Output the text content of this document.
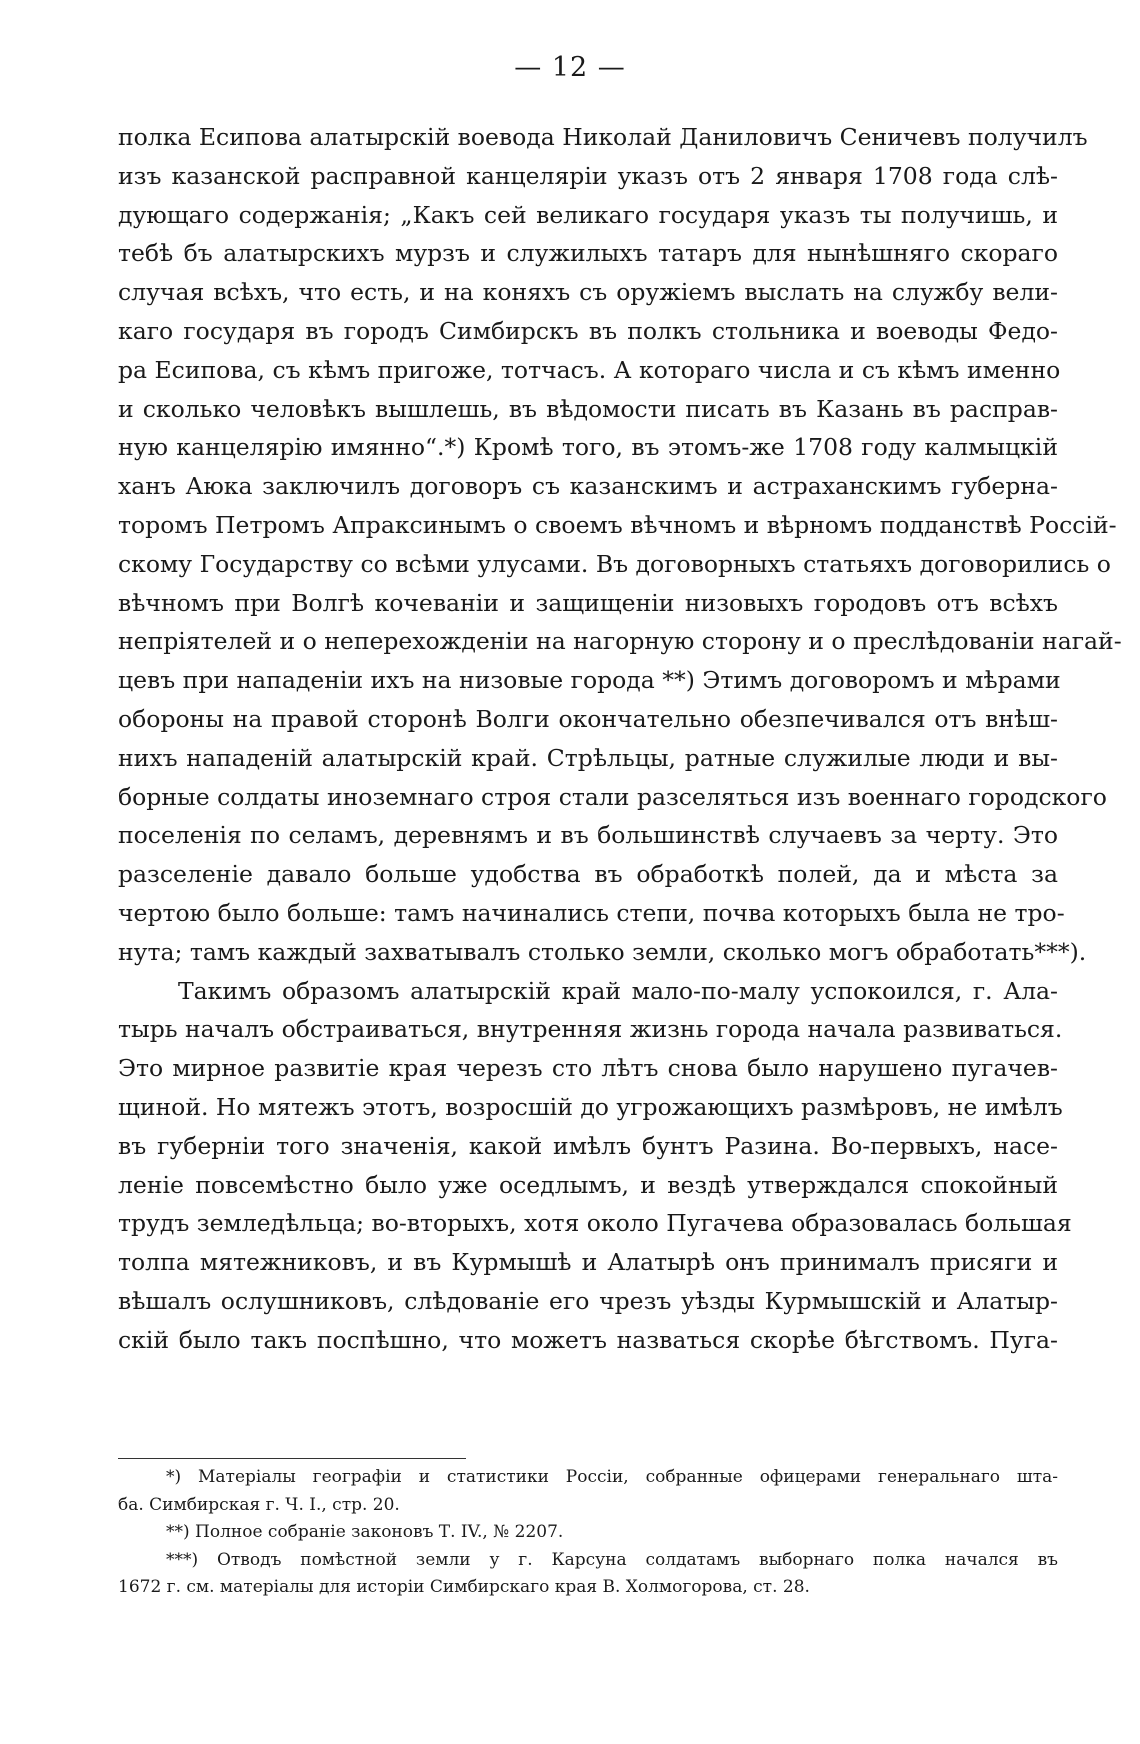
— 12 —
полка Есипова алатырскій воевода Николай Даниловичъ Сеничевъ получилъ
изъ казанской расправной канцеляріи указъ отъ 2 января 1708 года слѣ-
дующаго содержанія; „Какъ сей великаго государя указъ ты получишь, и
тебѣ бъ алатырскихъ мурзъ и служилыхъ татаръ для нынѣшняго скораго
случая всѣхъ, что есть, и на коняхъ съ оружіемъ выслать на службу вели-
каго государя въ городъ Симбирскъ въ полкъ стольника и воеводы Федо-
ра Есипова, съ кѣмъ пригоже, тотчасъ. А котораго числа и съ кѣмъ именно
и сколько человѣкъ вышлешь, въ вѣдомости писать въ Казань въ расправ-
ную канцелярію имянно“.*) Кромѣ того, въ этомъ-же 1708 году калмыцкій
ханъ Аюка заключилъ договоръ съ казанскимъ и астраханскимъ губерна-
торомъ Петромъ Апраксинымъ о своемъ вѣчномъ и вѣрномъ подданствѣ Россій-
скому Государству со всѣми улусами. Въ договорныхъ статьяхъ договорились о
вѣчномъ при Волгѣ кочеваніи и защищеніи низовыхъ городовъ отъ всѣхъ
непріятелей и о неперехожденіи на нагорную сторону и о преслѣдованіи нагай-
цевъ при нападеніи ихъ на низовые города **) Этимъ договоромъ и мѣрами
обороны на правой сторонѣ Волги окончательно обезпечивался отъ внѣш-
нихъ нападеній алатырскій край. Стрѣльцы, ратные служилые люди и вы-
борные солдаты иноземнаго строя стали разселяться изъ военнаго городского
поселенія по селамъ, деревнямъ и въ большинствѣ случаевъ за черту. Это
разселеніе давало больше удобства въ обработкѣ полей, да и мѣста за
чертою было больше: тамъ начинались степи, почва которыхъ была не тро-
нута; тамъ каждый захватывалъ столько земли, сколько могъ обработать***).
Такимъ образомъ алатырскій край мало-по-малу успокоился, г. Ала-
тырь началъ обстраиваться, внутренняя жизнь города начала развиваться.
Это мирное развитіе края черезъ сто лѣтъ снова было нарушено пугачев-
щиной. Но мятежъ этотъ, возросшій до угрожающихъ размѣровъ, не имѣлъ
въ губерніи того значенія, какой имѣлъ бунтъ Разина. Во-первыхъ, насе-
леніе повсемѣстно было уже оседлымъ, и вездѣ утверждался спокойный
трудъ земледѣльца; во-вторыхъ, хотя около Пугачева образовалась большая
толпа мятежниковъ, и въ Курмышѣ и Алатырѣ онъ принималъ присяги и
вѣшалъ ослушниковъ, слѣдованіе его чрезъ уѣзды Курмышскій и Алатыр-
скій было такъ поспѣшно, что можетъ назваться скорѣе бѣгствомъ. Пуга-
*) Матеріалы географіи и статистики Россіи, собранные офицерами генеральнаго шта-
ба. Симбирская г. Ч. I., стр. 20.
**) Полное собраніе законовъ Т. IV., № 2207.
***) Отводъ помѣстной земли у г. Карсуна солдатамъ выборнаго полка начался въ
1672 г. см. матеріалы для исторіи Симбирскаго края В. Холмогорова, ст. 28.
